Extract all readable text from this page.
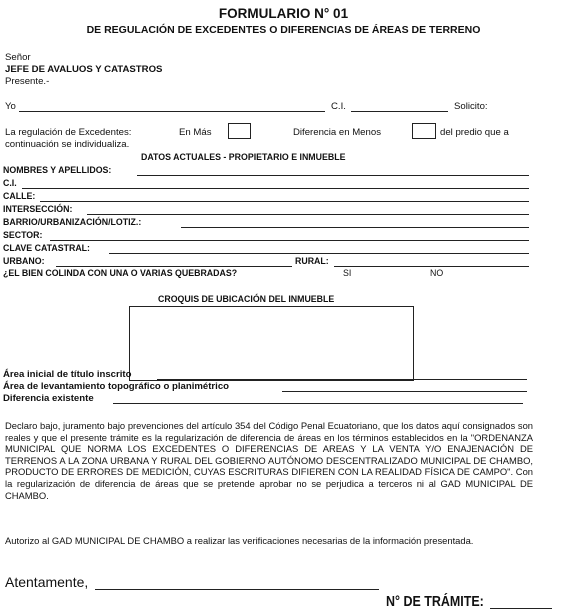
FORMULARIO N° 01
DE REGULACIÓN DE EXCEDENTES O DIFERENCIAS DE ÁREAS DE TERRENO
Señor
JEFE DE AVALUOS Y CATASTROS
Presente.-
Yo	C.I.	Solicito:
La regulación de Excedentes:	En Más	Diferencia en Menos	del predio que a
continuación se individualiza.
DATOS ACTUALES - PROPIETARIO E INMUEBLE
NOMBRES Y APELLIDOS:
C.I.
CALLE:
INTERSECCIÓN:
BARRIO/URBANIZACIÓN/LOTIZ.:
SECTOR:
CLAVE CATASTRAL:
URBANO:	RURAL:
¿EL BIEN COLINDA CON UNA O VARIAS QUEBRADAS?	SI	NO
CROQUIS DE UBICACIÓN DEL INMUEBLE
Área inicial de título inscrito
Área de levantamiento topográfico o planimétrico
Diferencia existente
Declaro bajo, juramento bajo prevenciones del artículo 354 del Código Penal Ecuatoriano, que los datos aquí consignados son reales y que el presente trámite es la regularización de diferencia de áreas en los términos establecidos en la "ORDENANZA MUNICIPAL QUE NORMA LOS EXCEDENTES O DIFERENCIAS DE AREAS Y LA VENTA Y/O ENAJENACIÓN DE TERRENOS A LA ZONA URBANA Y RURAL DEL GOBIERNO AUTÓNOMO DESCENTRALIZADO MUNICIPAL DE CHAMBO, PRODUCTO DE ERRORES DE MEDICIÓN, CUYAS ESCRITURAS DIFIEREN CON LA REALIDAD FÍSICA DE CAMPO". Con la regularización de diferencia de áreas que se pretende aprobar no se perjudica a terceros ni al GAD MUNICIPAL DE CHAMBO.
Autorizo al GAD MUNICIPAL DE CHAMBO a realizar las verificaciones necesarias de la información presentada.
Atentamente,
N° DE TRÁMITE:
